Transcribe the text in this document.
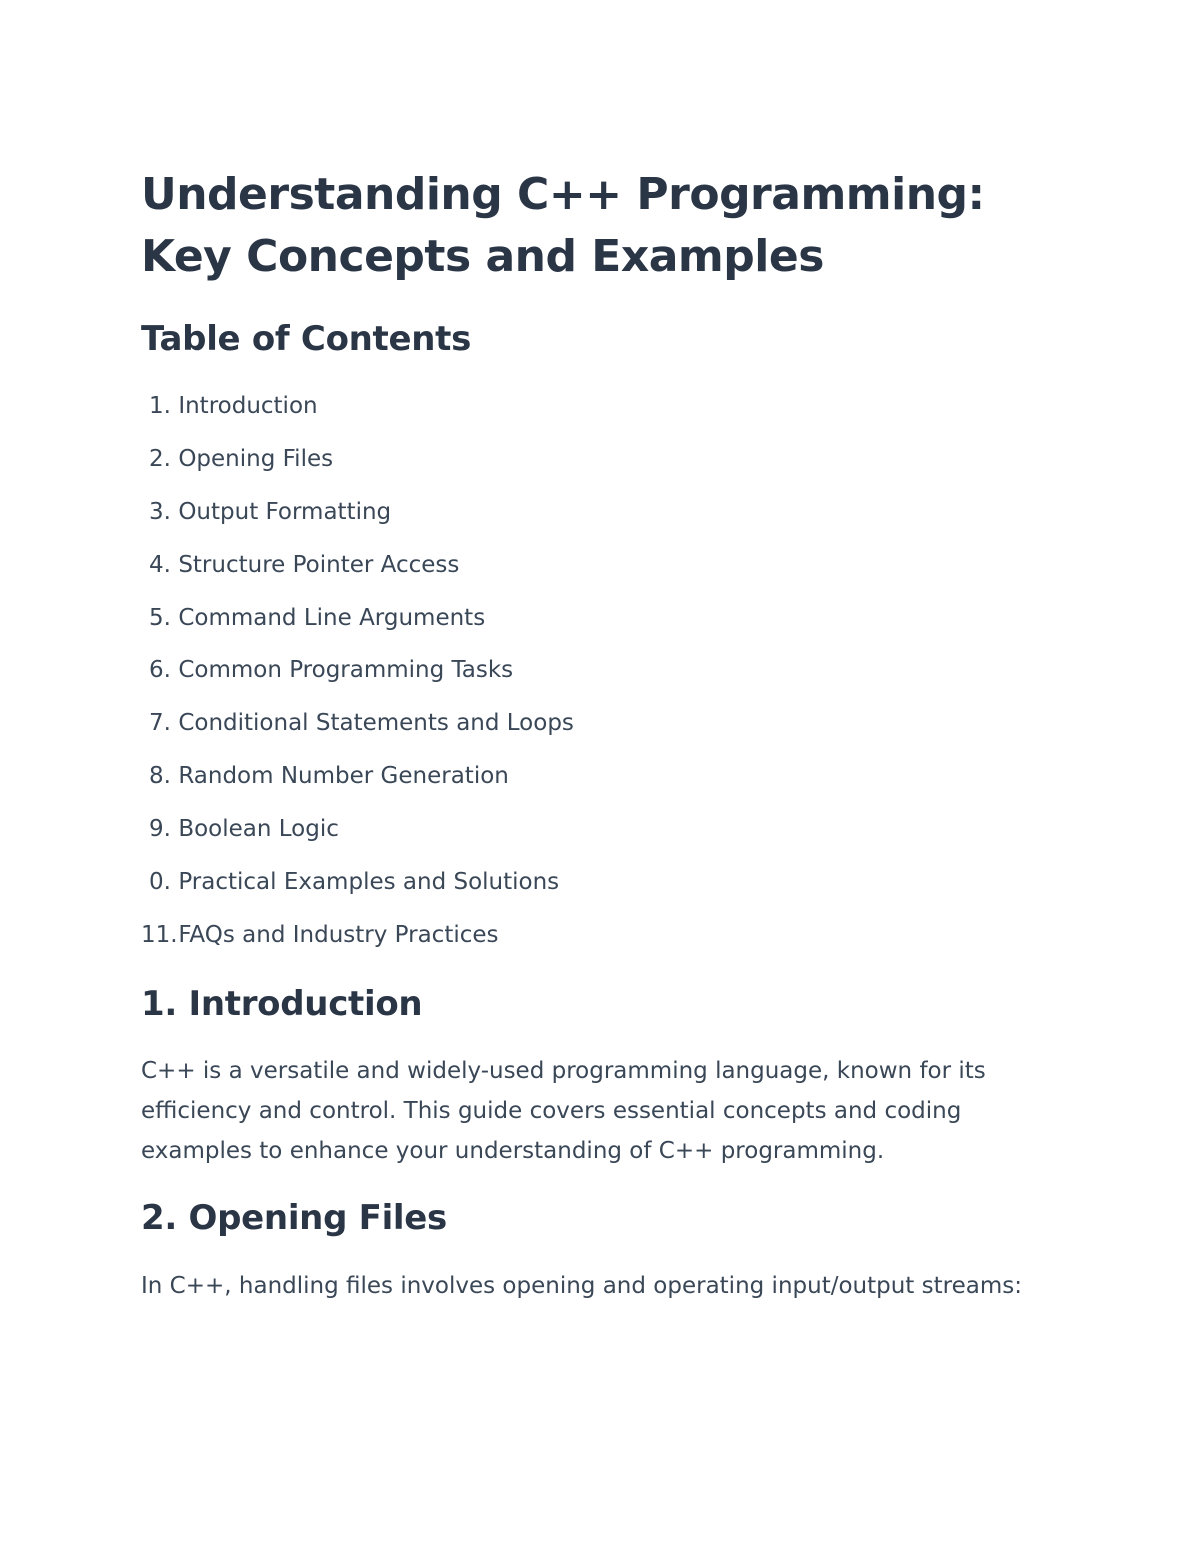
Understanding C++ Programming: Key Concepts and Examples
Table of Contents
1. Introduction
2. Opening Files
3. Output Formatting
4. Structure Pointer Access
5. Command Line Arguments
6. Common Programming Tasks
7. Conditional Statements and Loops
8. Random Number Generation
9. Boolean Logic
0. Practical Examples and Solutions
11. FAQs and Industry Practices
1. Introduction

C++ is a versatile and widely-used programming language, known for its efficiency and control. This guide covers essential concepts and coding examples to enhance your understanding of C++ programming.

2. Opening Files

In C++, handling files involves opening and operating input/output streams:
